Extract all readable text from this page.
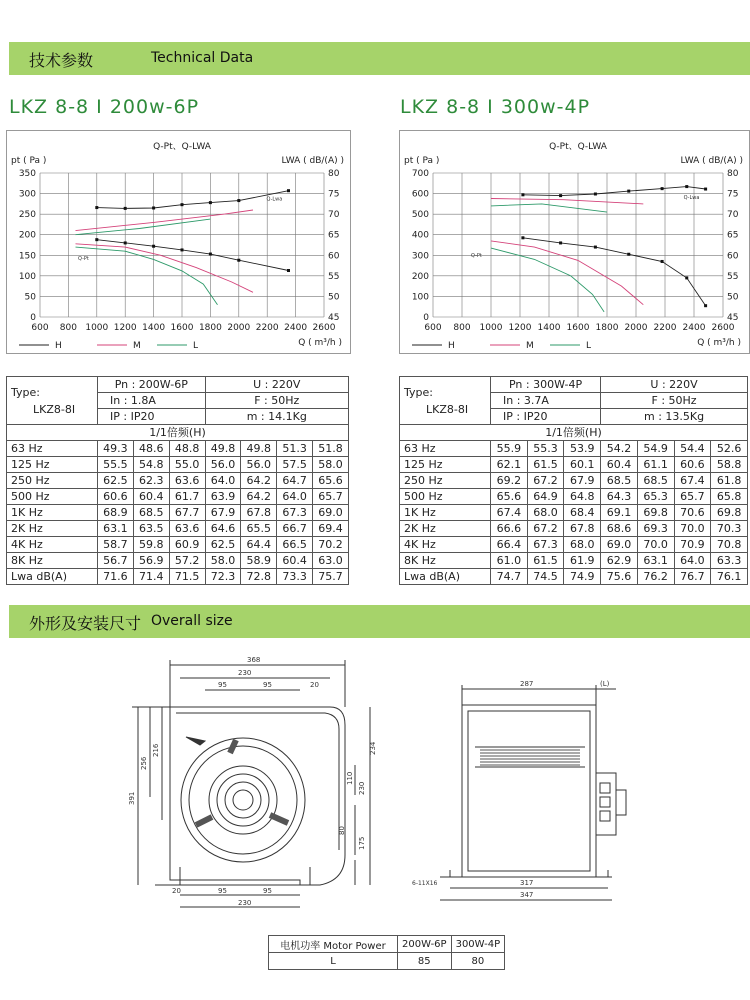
技术参数	Technical Data
LKZ 8-8 I 200w-6P	LKZ 8-8 I 300w-4P
600 800 1000 1200 1400 1600 1800 2000 2200 2400 2600
0	45
50	50
100	55
150	60
200	65
250	70
300	75
350	80
Q-Pt、Q-LWA
pt ( Pa )	LWA ( dB/(A) )
Q ( m³/h )
Q-Pt
Q-Lwa
H	M	L
600 800 1000 1200 1400 1600 1800 2000 2200 2400 2600
0	45
100	50
200	55
300	60
400	65
500	70
600	75
700	80
Q-Pt、Q-LWA
pt ( Pa )	LWA ( dB/(A) )
Q ( m³/h )
Q-Pt
Q-Lwa
H	M	L
Type:
LKZ8-8I	Pn : 200W-6P			U : 220V			
	In : 1.8A			F : 50Hz			
	IP : IP20			m : 14.1Kg			
1/1倍频(H)							
63 Hz	49.3	48.6	48.8	49.8	49.8	51.3	51.8
125 Hz	55.5	54.8	55.0	56.0	56.0	57.5	58.0
250 Hz	62.5	62.3	63.6	64.0	64.2	64.7	65.6
500 Hz	60.6	60.4	61.7	63.9	64.2	64.0	65.7
1K Hz	68.9	68.5	67.7	67.9	67.8	67.3	69.0
2K Hz	63.1	63.5	63.6	64.6	65.5	66.7	69.4
4K Hz	58.7	59.8	60.9	62.5	64.4	66.5	70.2
8K Hz	56.7	56.9	57.2	58.0	58.9	60.4	63.0
Lwa dB(A)	71.6	71.4	71.5	72.3	72.8	73.3	75.7
Type:
LKZ8-8I	Pn : 300W-4P			U : 220V			
	In : 3.7A			F : 50Hz			
	IP : IP20			m : 13.5Kg			
1/1倍频(H)							
63 Hz	55.9	55.3	53.9	54.2	54.9	54.4	52.6
125 Hz	62.1	61.5	60.1	60.4	61.1	60.6	58.8
250 Hz	69.2	67.2	67.9	68.5	68.5	67.4	61.8
500 Hz	65.6	64.9	64.8	64.3	65.3	65.7	65.8
1K Hz	67.4	68.0	68.4	69.1	69.8	70.6	69.8
2K Hz	66.6	67.2	67.8	68.6	69.3	70.0	70.3
4K Hz	66.4	67.3	68.0	69.0	70.0	70.9	70.8
8K Hz	61.0	61.5	61.9	62.9	63.1	64.0	63.3
Lwa dB(A)	74.7	74.5	74.9	75.6	76.2	76.7	76.1
外形及安装尺寸 Overall size
368
230
95	95	20
216
256
391
234
110
230
80
175
20	95	95
230
287	(L)
317
347
6-11X16
电机功率 Motor Power	200W-6P	300W-4P
L	85	80
